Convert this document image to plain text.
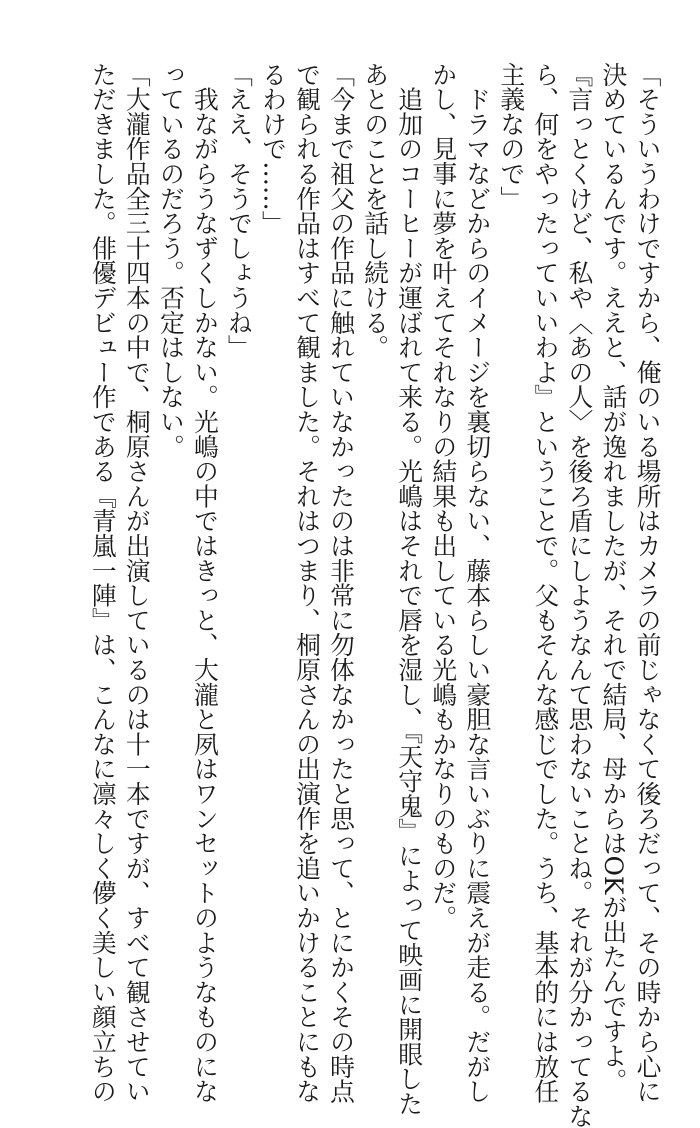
「そういうわけですから、俺のいる場所はカメラの前じゃなくて後ろだって、その時から心に
決めているんです。ええと、話が逸れましたが、それで結局、母からはOKが出たんですよ。
『言っとくけど、私や〈あの人〉を後ろ盾にしようなんて思わないことね。それが分かってるな
ら、何をやったっていいわよ』ということで。父もそんな感じでした。うち、基本的には放任
主義なので」
　ドラマなどからのイメージを裏切らない、藤本らしい豪胆な言いぶりに震えが走る。だがし
かし、見事に夢を叶えてそれなりの結果も出している光嶋もかなりのものだ。
　追加のコーヒーが運ばれて来る。光嶋はそれで唇を湿し、『天守鬼』によって映画に開眼した
あとのことを話し続ける。
「今まで祖父の作品に触れていなかったのは非常に勿体なかったと思って、とにかくその時点
で観られる作品はすべて観ました。それはつまり、桐原さんの出演作を追いかけることにもな
るわけで……」
「ええ、そうでしょうね」
　我ながらうなずくしかない。光嶋の中ではきっと、大瀧と夙はワンセットのようなものにな
っているのだろう。否定はしない。
「大瀧作品全三十四本の中で、桐原さんが出演しているのは十一本ですが、すべて観させてい
ただきました。俳優デビュー作である『青嵐一陣』は、こんなに凛々しく儚く美しい顔立ちの
